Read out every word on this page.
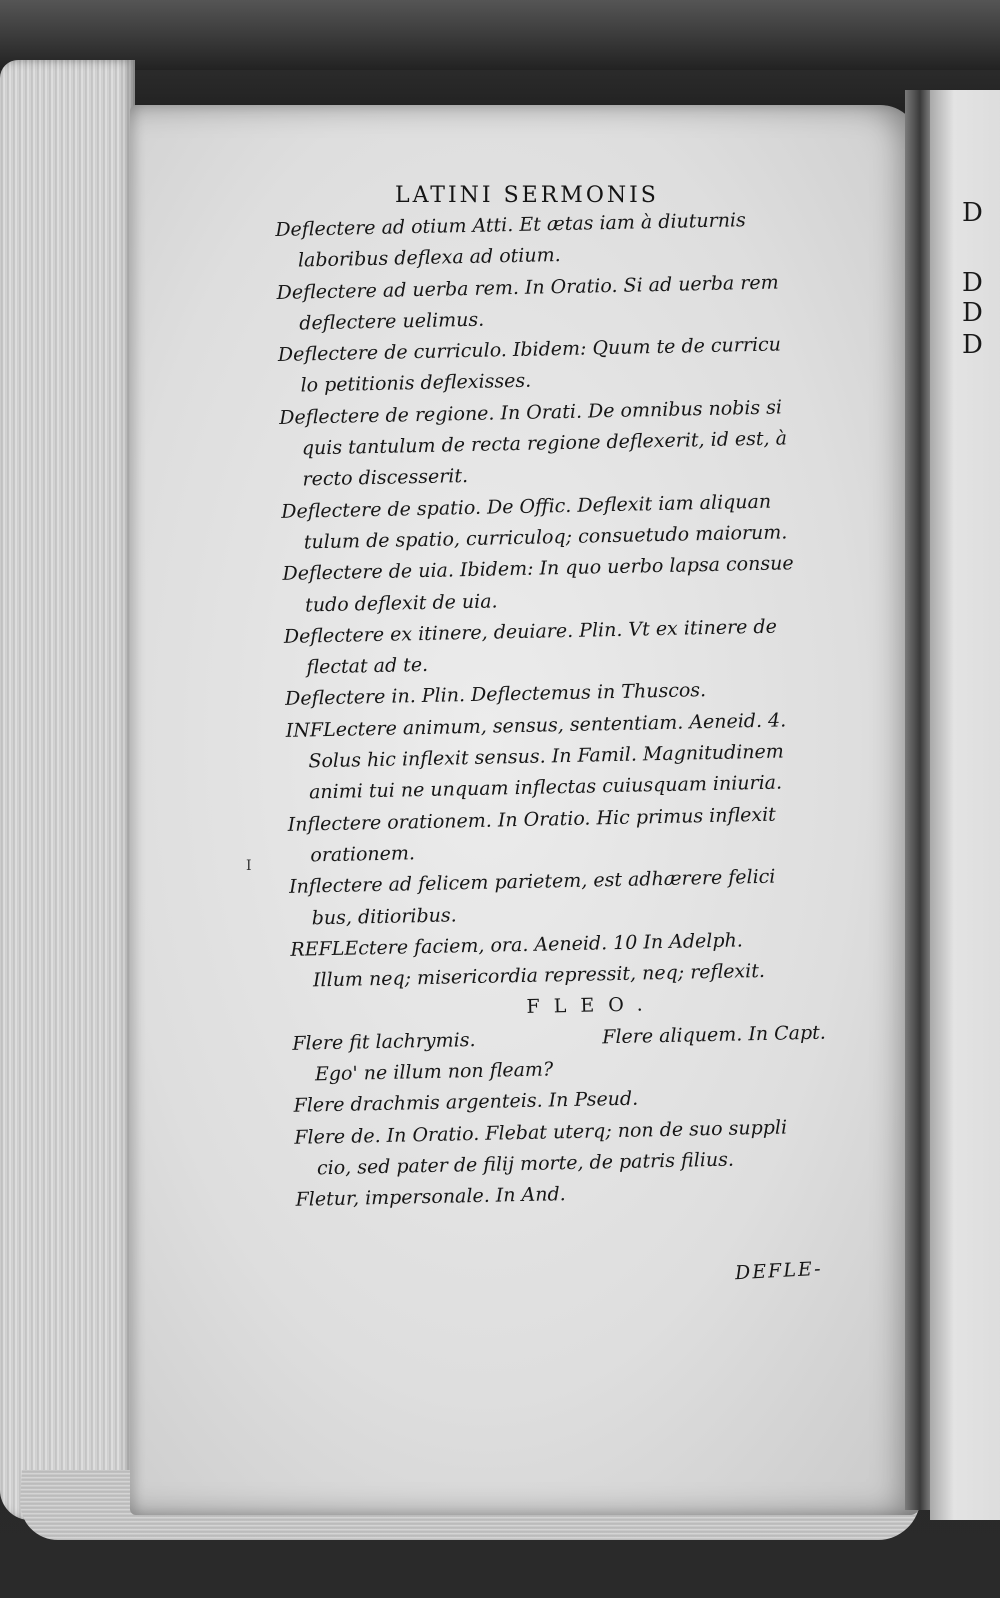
D
D
D
D
LATINI SERMONIS
I

Deflectere ad otium Atti. Et ætas iam à diuturnis
laboribus deflexa ad otium.

Deflectere ad uerba rem. In Oratio. Si ad uerba rem
deflectere uelimus.

Deflectere de curriculo. Ibidem: Quum te de curricu
lo petitionis deflexisses.

Deflectere de regione. In Orati. De omnibus nobis si
quis tantulum de recta regione deflexerit, id est, à
recto discesserit.

Deflectere de spatio. De Offic. Deflexit iam aliquan
tulum de spatio, curriculoq; consuetudo maiorum.

Deflectere de uia. Ibidem: In quo uerbo lapsa consue
tudo deflexit de uia.

Deflectere ex itinere, deuiare. Plin. Vt ex itinere de
flectat ad te.

Deflectere in. Plin. Deflectemus in Thuscos.

INFLectere animum, sensus, sententiam. Aeneid. 4.
Solus hic inflexit sensus. In Famil. Magnitudinem
animi tui ne unquam inflectas cuiusquam iniuria.

Inflectere orationem. In Oratio. Hic primus inflexit
orationem.

Inflectere ad felicem parietem, est adhærere felici
bus, ditioribus.

REFLEctere faciem, ora. Aeneid. 10 In Adelph.
Illum neq; misericordia repressit, neq; reflexit.

FLEO.

Flere fit lachrymis.	Flere aliquem. In Capt.
Ego' ne illum non fleam?

Flere drachmis argenteis. In Pseud.

Flere de. In Oratio. Flebat uterq; non de suo suppli
cio, sed pater de filij morte, de patris filius.

Fletur, impersonale. In And.

DEFLE-
